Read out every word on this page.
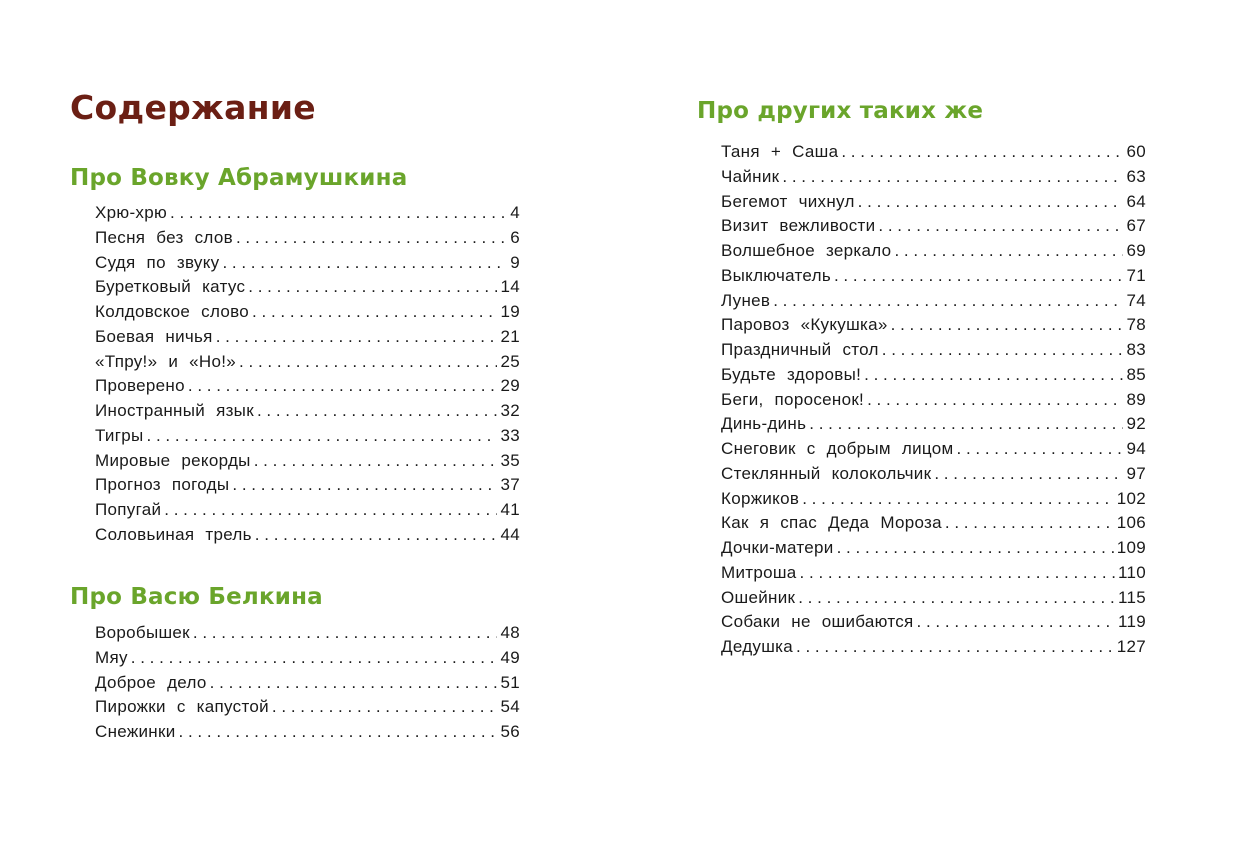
Содержание
Про Вовку Абрамушкина
Хрю-хрю . . .	4
Песня без слов . . .	6
Судя по звуку . . .	9
Буретковый катус . . .	14
Колдовское слово . . .	19
Боевая ничья . . .	21
«Тпру!» и «Но!» . . .	25
Проверено . . .	29
Иностранный язык . . .	32
Тигры . . .	33
Мировые рекорды . . .	35
Прогноз погоды . . .	37
Попугай . . .	41
Соловьиная трель . . .	44
Про Васю Белкина
Воробышек . . .	48
Мяу . . .	49
Доброе дело . . .	51
Пирожки с капустой . . .	54
Снежинки . . .	56
Про других таких же
Таня + Саша . . .	60
Чайник . . .	63
Бегемот чихнул . . .	64
Визит вежливости . . .	67
Волшебное зеркало . . .	69
Выключатель . . .	71
Лунев . . .	74
Паровоз «Кукушка» . . .	78
Праздничный стол . . .	83
Будьте здоровы! . . .	85
Беги, поросенок! . . .	89
Динь-динь . . .	92
Снеговик с добрым лицом . . .	94
Стеклянный колокольчик . . .	97
Коржиков . . .	102
Как я спас Деда Мороза . . .	106
Дочки-матери . . .	109
Митроша . . .	110
Ошейник . . .	115
Собаки не ошибаются . . .	119
Дедушка . . .	127
